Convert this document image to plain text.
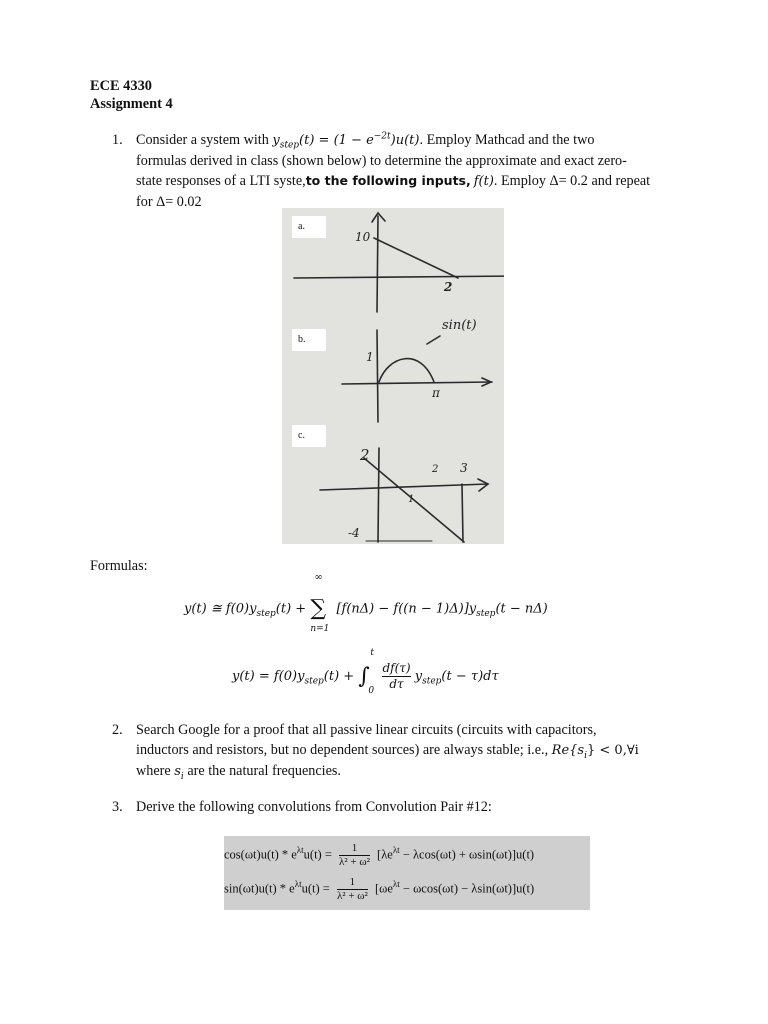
ECE 4330
Assignment 4
1. Consider a system with $y_{step}(t) = (1 - e^{-2t})u(t)$. Employ Mathcad and the two
formulas derived in class (shown below) to determine the approximate and exact zero-
state responses of a LTI syste,to the following inputs, f(t). Employ Δ= 0.2 and repeat
for Δ= 0.02
a.
b.
c.
10
2
sin(t)
1
π
2
2 3
1
-4
Formulas:
y(t) ≅ $f(0)y_{step}(t)$ +
∞
∑
n=1
$[f(n\Delta) - f((n - 1)\Delta)]y_{step}(t - n\Delta)$
$y(t) = f(0)y_{step}(t)$ + ∫
t
0
$\frac{df(\tau)}{d\tau} y_{step}(t - \tau)d\tau$
2. Search Google for a proof that all passive linear circuits (circuits with capacitors,
inductors and resistors, but no dependent sources) are always stable; i.e., $Re\{s_i\}$ < 0,∀i
where $s_i$ are the natural frequencies.
3. Derive the following convolutions from Convolution Pair #12:
$\cos(\omega t)u(t) * e^{\lambda t}u(t) = \frac{1}{\text{λ² + ω²}} [\lambda e^{\lambda t} - \lambda\cos(\omega t) + \omega\sin(\omega t)]u(t)$
$\sin(\omega t)u(t) * e^{\lambda t}u(t) = \frac{1}{\text{λ² + ω²}} [\omega e^{\lambda t} - \omega\cos(\omega t) - \lambda\sin(\omega t)]u(t)$
